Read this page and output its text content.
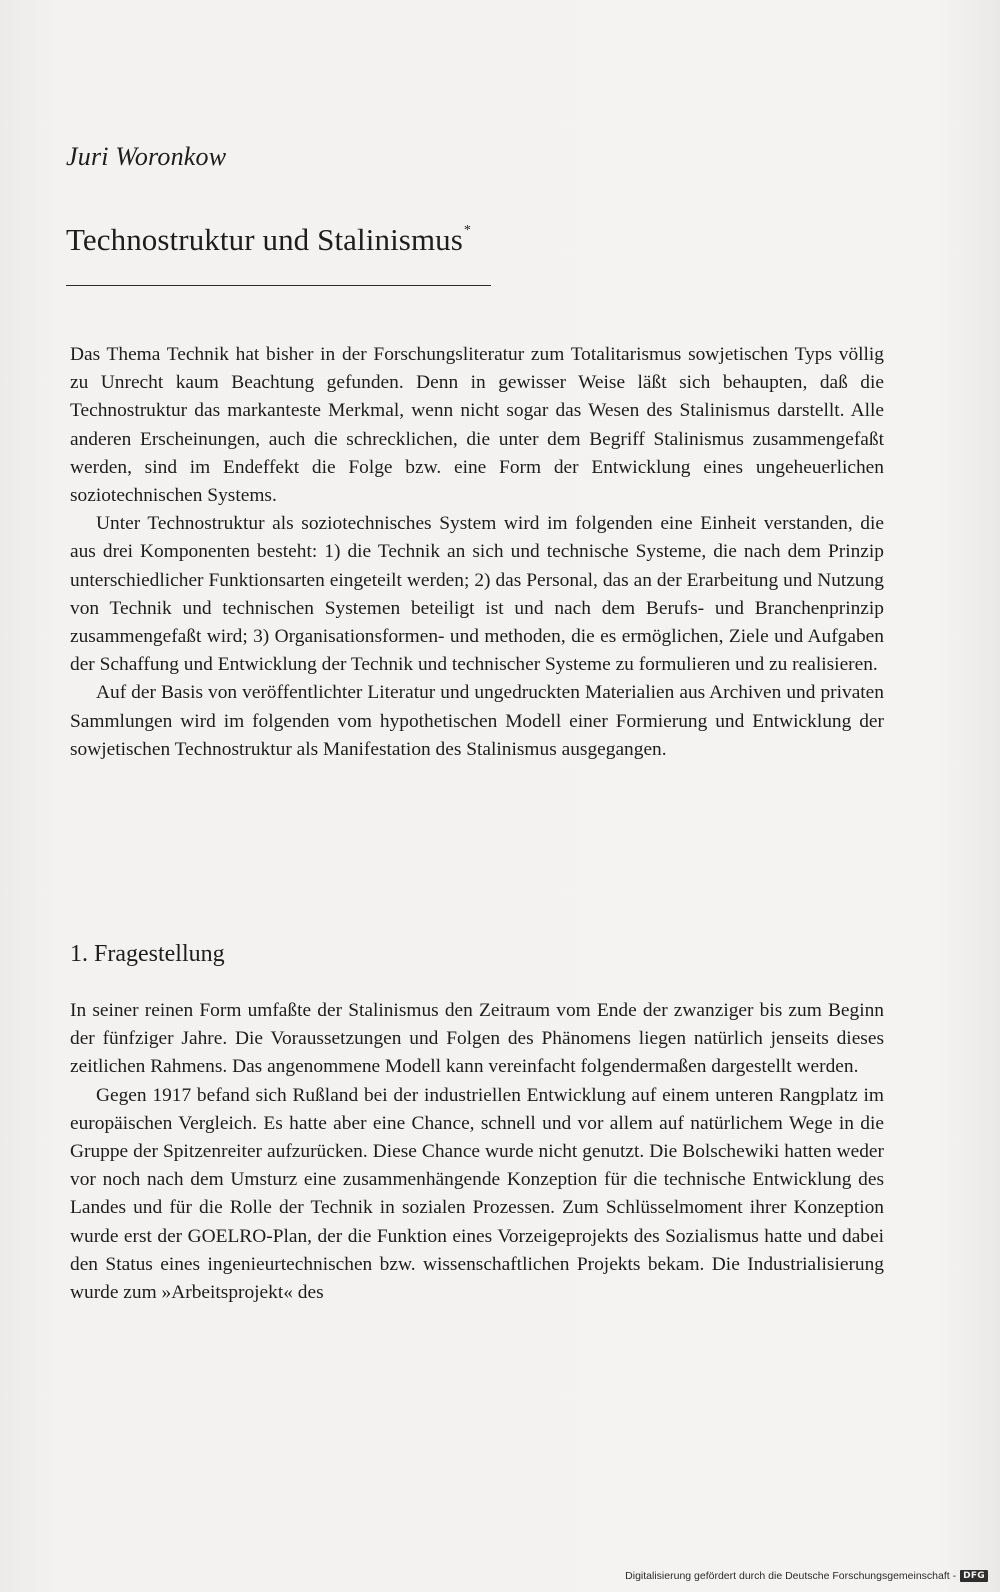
Juri Woronkow
Technostruktur und Stalinismus*

Das Thema Technik hat bisher in der Forschungsliteratur zum Totalitarismus sowjetischen Typs völlig zu Unrecht kaum Beachtung gefunden. Denn in gewisser Weise läßt sich behaupten, daß die Technostruktur das markanteste Merkmal, wenn nicht sogar das Wesen des Stalinismus darstellt. Alle anderen Erscheinungen, auch die schrecklichen, die unter dem Begriff Stalinismus zusammengefaßt werden, sind im Endeffekt die Folge bzw. eine Form der Entwicklung eines ungeheuerlichen soziotechnischen Systems.

Unter Technostruktur als soziotechnisches System wird im folgenden eine Einheit verstanden, die aus drei Komponenten besteht: 1) die Technik an sich und technische Systeme, die nach dem Prinzip unterschiedlicher Funktionsarten eingeteilt werden; 2) das Personal, das an der Erarbeitung und Nutzung von Technik und technischen Systemen beteiligt ist und nach dem Berufs- und Branchenprinzip zusammengefaßt wird; 3) Organisationsformen- und methoden, die es ermöglichen, Ziele und Aufgaben der Schaffung und Entwicklung der Technik und technischer Systeme zu formulieren und zu realisieren.

Auf der Basis von veröffentlichter Literatur und ungedruckten Materialien aus Archiven und privaten Sammlungen wird im folgenden vom hypothetischen Modell einer Formierung und Entwicklung der sowjetischen Technostruktur als Manifestation des Stalinismus ausgegangen.

1. Fragestellung

In seiner reinen Form umfaßte der Stalinismus den Zeitraum vom Ende der zwanziger bis zum Beginn der fünfziger Jahre. Die Voraussetzungen und Folgen des Phänomens liegen natürlich jenseits dieses zeitlichen Rahmens. Das angenommene Modell kann vereinfacht folgendermaßen dargestellt werden.

Gegen 1917 befand sich Rußland bei der industriellen Entwicklung auf einem unteren Rangplatz im europäischen Vergleich. Es hatte aber eine Chance, schnell und vor allem auf natürlichem Wege in die Gruppe der Spitzenreiter aufzurücken. Diese Chance wurde nicht genutzt. Die Bolschewiki hatten weder vor noch nach dem Umsturz eine zusammenhängende Konzeption für die technische Entwicklung des Landes und für die Rolle der Technik in sozialen Prozessen. Zum Schlüsselmoment ihrer Konzeption wurde erst der GOELRO-Plan, der die Funktion eines Vorzeigeprojekts des Sozialismus hatte und dabei den Status eines ingenieurtechnischen bzw. wissenschaftlichen Projekts bekam. Die Industrialisierung wurde zum »Arbeitsprojekt« des

Digitalisierung gefördert durch die Deutsche Forschungsgemeinschaft - DFG
